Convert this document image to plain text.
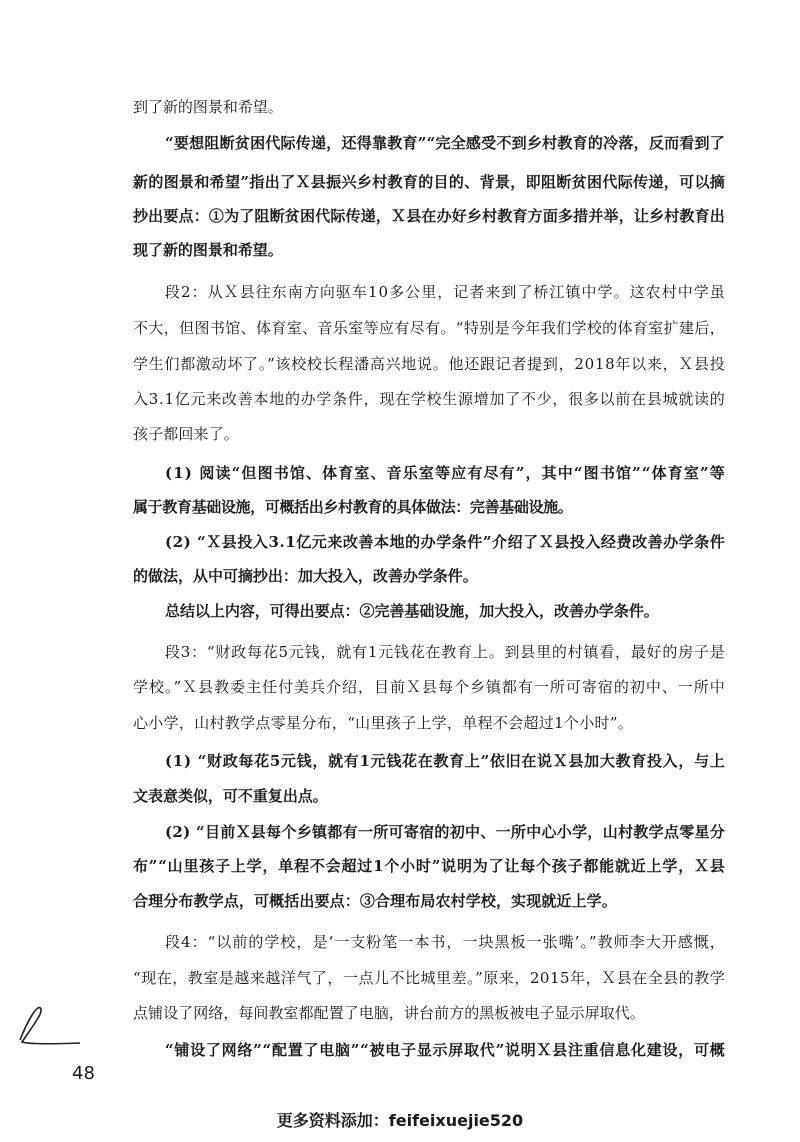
到了新的图景和希望。
“要想阻断贫困代际传递，还得靠教育”“完全感受不到乡村教育的冷落，反而看到了
新的图景和希望”指出了Ｘ县振兴乡村教育的目的、背景，即阻断贫困代际传递，可以摘
抄出要点：①为了阻断贫困代际传递，Ｘ县在办好乡村教育方面多措并举，让乡村教育出
现了新的图景和希望。
段2：从Ｘ县往东南方向驱车10多公里，记者来到了桥江镇中学。这农村中学虽
不大，但图书馆、体育室、音乐室等应有尽有。“特别是今年我们学校的体育室扩建后，
学生们都激动坏了。”该校校长程潘高兴地说。他还跟记者提到，2018年以来，Ｘ县投
入3.1亿元来改善本地的办学条件，现在学校生源增加了不少，很多以前在县城就读的
孩子都回来了。
(1) 阅读“但图书馆、体育室、音乐室等应有尽有”，其中“图书馆”“体育室”等
属于教育基础设施，可概括出乡村教育的具体做法：完善基础设施。
(2) “Ｘ县投入3.1亿元来改善本地的办学条件”介绍了Ｘ县投入经费改善办学条件
的做法，从中可摘抄出：加大投入，改善办学条件。
总结以上内容，可得出要点：②完善基础设施，加大投入，改善办学条件。
段3：“财政每花5元钱，就有1元钱花在教育上。到县里的村镇看，最好的房子是
学校。”Ｘ县教委主任付美兵介绍，目前Ｘ县每个乡镇都有一所可寄宿的初中、一所中
心小学，山村教学点零星分布，“山里孩子上学，单程不会超过1个小时”。
(1) “财政每花5元钱，就有1元钱花在教育上”依旧在说Ｘ县加大教育投入，与上
文表意类似，可不重复出点。
(2) “目前Ｘ县每个乡镇都有一所可寄宿的初中、一所中心小学，山村教学点零星分
布”“山里孩子上学，单程不会超过1个小时”说明为了让每个孩子都能就近上学，Ｘ县
合理分布教学点，可概括出要点：③合理布局农村学校，实现就近上学。
段4：“以前的学校，是‘一支粉笔一本书，一块黑板一张嘴’。”教师李大开感慨，
“现在，教室是越来越洋气了，一点儿不比城里差。”原来，2015年，Ｘ县在全县的教学
点铺设了网络，每间教室都配置了电脑，讲台前方的黑板被电子显示屏取代。
“铺设了网络”“配置了电脑”“被电子显示屏取代”说明Ｘ县注重信息化建设，可概
48
更多资料添加：feifeixuejie520
